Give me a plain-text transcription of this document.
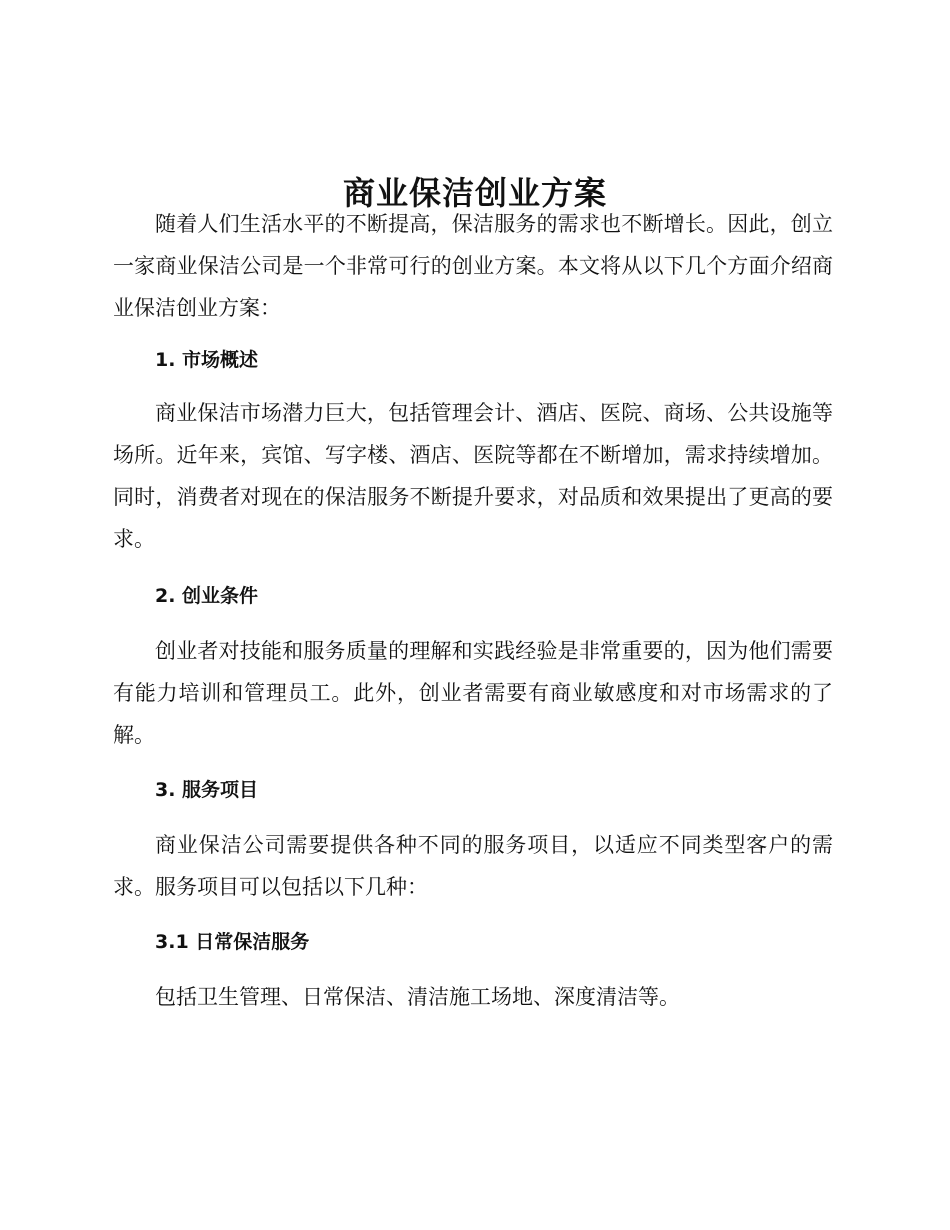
商业保洁创业方案

随着人们生活水平的不断提高，保洁服务的需求也不断增长。因此，创立一家商业保洁公司是一个非常可行的创业方案。本文将从以下几个方面介绍商业保洁创业方案：

1. 市场概述

商业保洁市场潜力巨大，包括管理会计、酒店、医院、商场、公共设施等场所。近年来，宾馆、写字楼、酒店、医院等都在不断增加，需求持续增加。同时，消费者对现在的保洁服务不断提升要求，对品质和效果提出了更高的要求。

2. 创业条件

创业者对技能和服务质量的理解和实践经验是非常重要的，因为他们需要有能力培训和管理员工。此外，创业者需要有商业敏感度和对市场需求的了解。

3. 服务项目

商业保洁公司需要提供各种不同的服务项目，以适应不同类型客户的需求。服务项目可以包括以下几种：

3.1 日常保洁服务

包括卫生管理、日常保洁、清洁施工场地、深度清洁等。
